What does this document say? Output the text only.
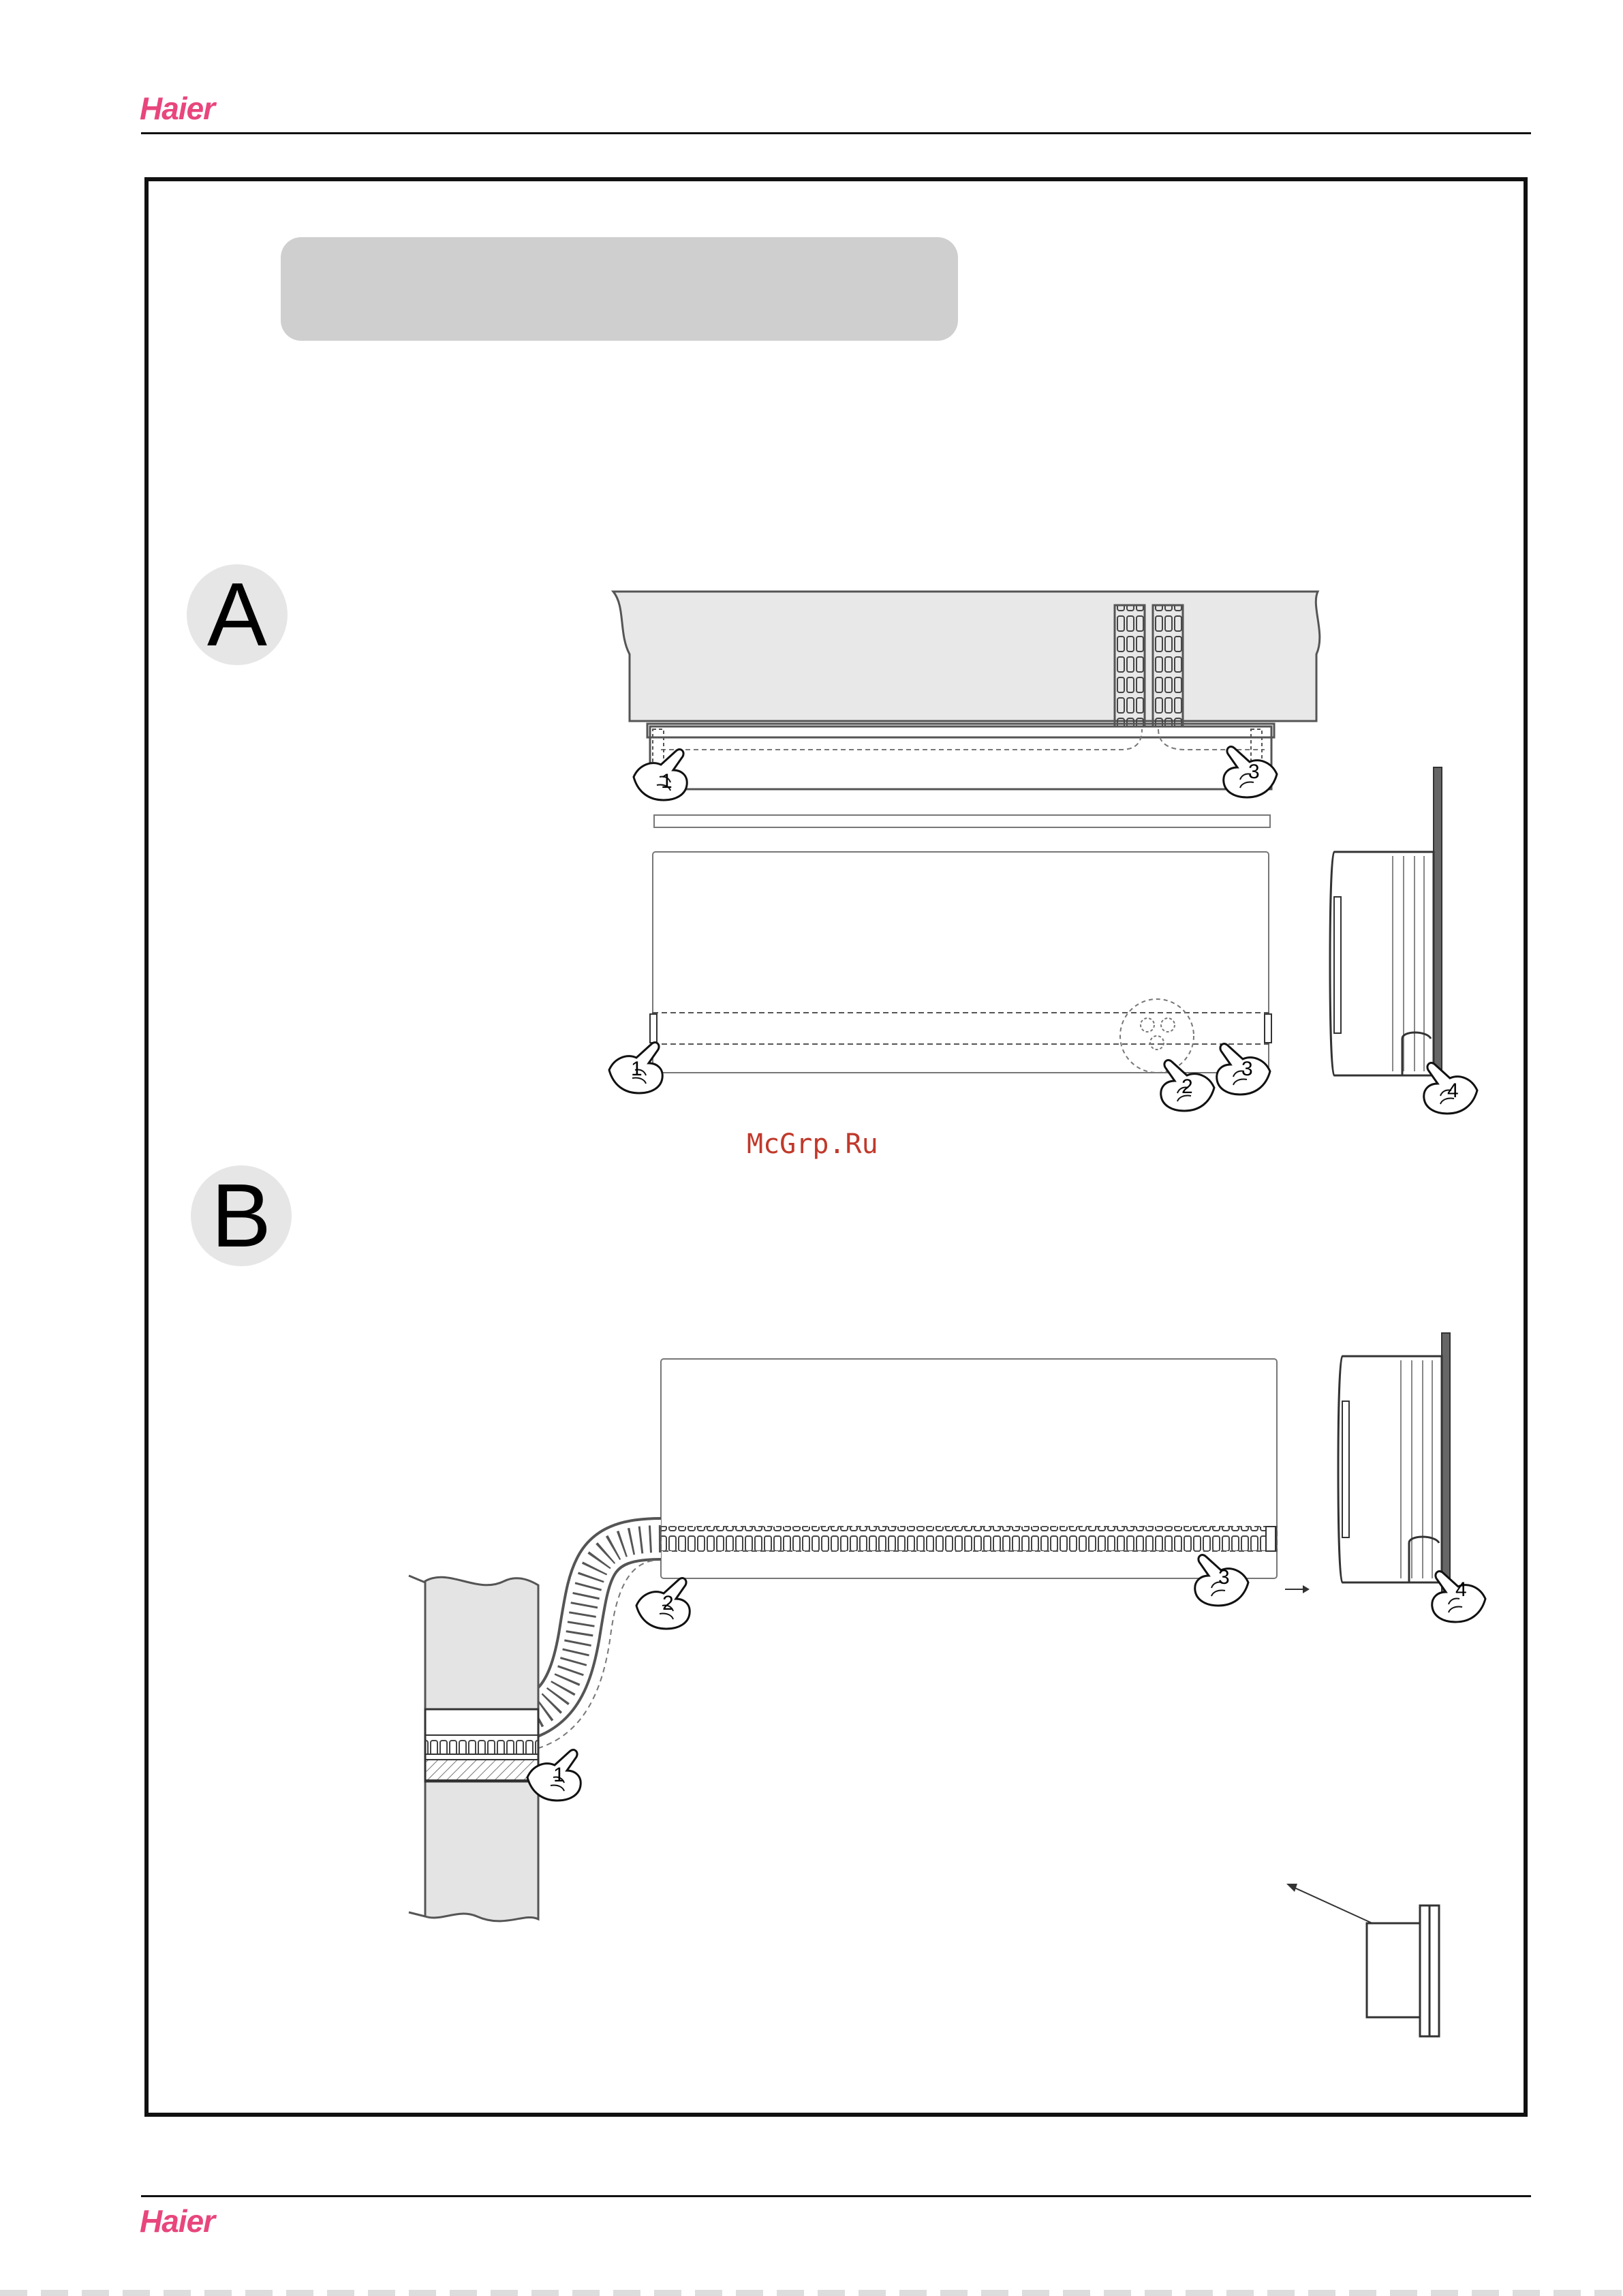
Haier
A
B
McGrp.Ru
1	3
1
2
3
4
2
3
1
4
Haier
